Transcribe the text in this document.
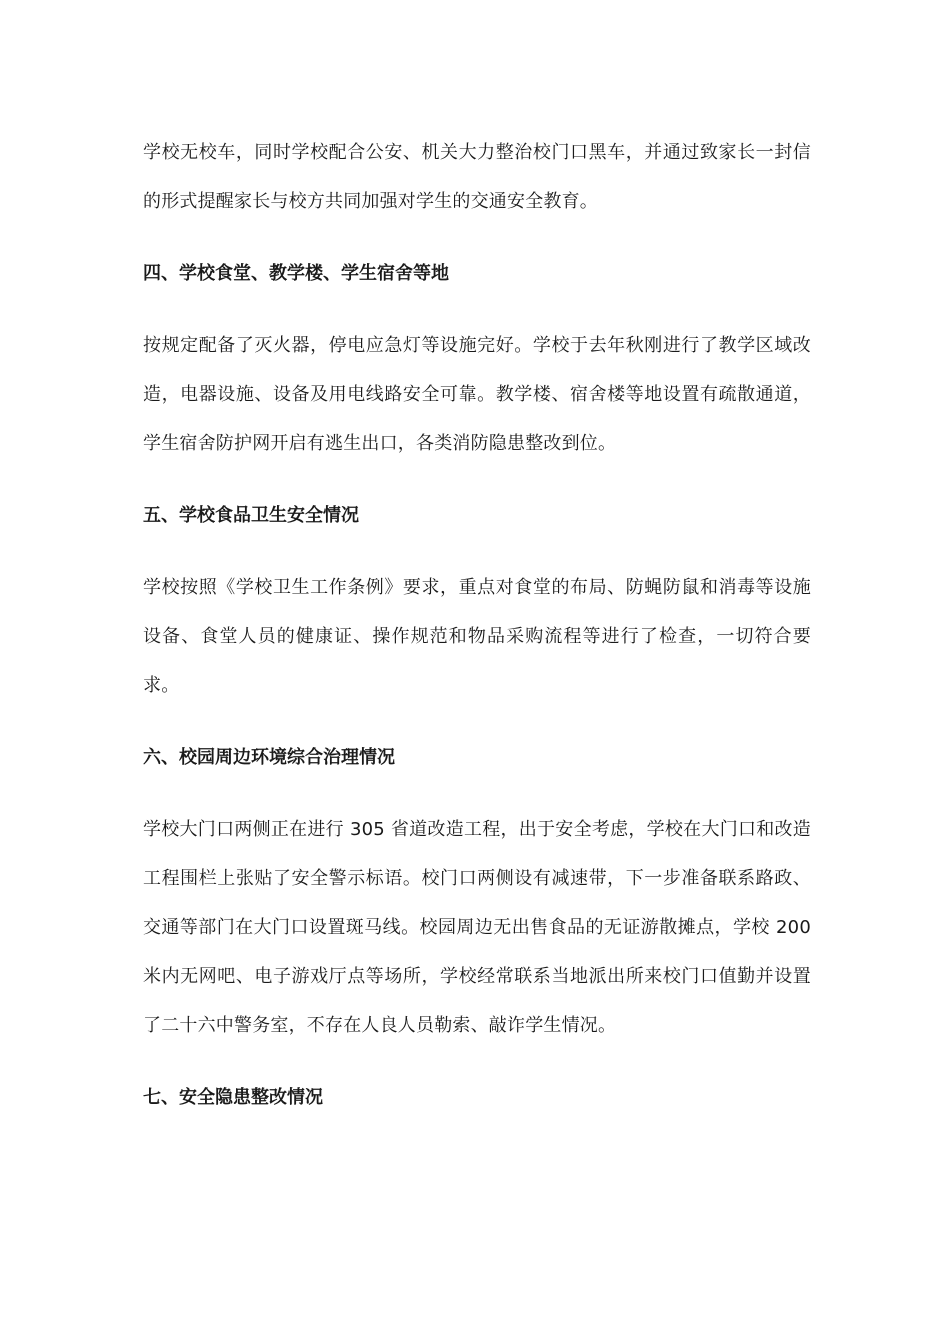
学校无校车，同时学校配合公安、机关大力整治校门口黑车，并通过致家长一封信的形式提醒家长与校方共同加强对学生的交通安全教育。

四、学校食堂、教学楼、学生宿舍等地

按规定配备了灭火器，停电应急灯等设施完好。学校于去年秋刚进行了教学区域改造，电器设施、设备及用电线路安全可靠。教学楼、宿舍楼等地设置有疏散通道，学生宿舍防护网开启有逃生出口，各类消防隐患整改到位。

五、学校食品卫生安全情况

学校按照《学校卫生工作条例》要求，重点对食堂的布局、防蝇防鼠和消毒等设施设备、食堂人员的健康证、操作规范和物品采购流程等进行了检查，一切符合要求。

六、校园周边环境综合治理情况

学校大门口两侧正在进行 305 省道改造工程，出于安全考虑，学校在大门口和改造工程围栏上张贴了安全警示标语。校门口两侧设有减速带，下一步准备联系路政、交通等部门在大门口设置斑马线。校园周边无出售食品的无证游散摊点，学校 200 米内无网吧、电子游戏厅点等场所，学校经常联系当地派出所来校门口值勤并设置了二十六中警务室，不存在人良人员勒索、敲诈学生情况。

七、安全隐患整改情况
